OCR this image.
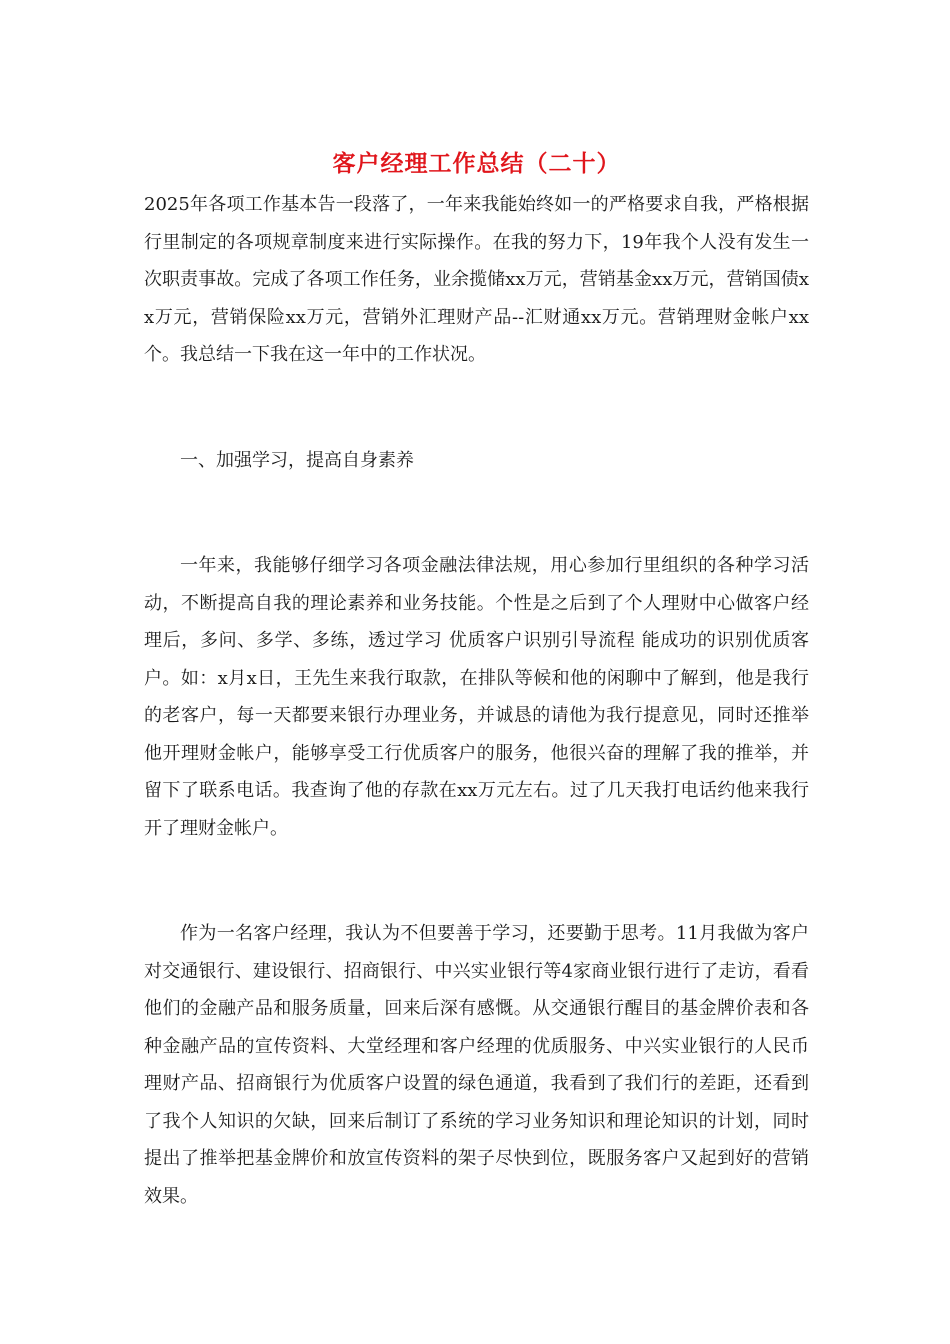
客户经理工作总结（二十）

2025年各项工作基本告一段落了，一年来我能始终如一的严格要求自我，严格根据行里制定的各项规章制度来进行实际操作。在我的努力下，19年我个人没有发生一次职责事故。完成了各项工作任务，业余揽储xx万元，营销基金xx万元，营销国债xx万元，营销保险xx万元，营销外汇理财产品--汇财通xx万元。营销理财金帐户xx个。我总结一下我在这一年中的工作状况。

一、加强学习，提高自身素养

一年来，我能够仔细学习各项金融法律法规，用心参加行里组织的各种学习活动，不断提高自我的理论素养和业务技能。个性是之后到了个人理财中心做客户经理后，多问、多学、多练，透过学习 优质客户识别引导流程 能成功的识别优质客户。如：x月x日，王先生来我行取款，在排队等候和他的闲聊中了解到，他是我行的老客户，每一天都要来银行办理业务，并诚恳的请他为我行提意见，同时还推举他开理财金帐户，能够享受工行优质客户的服务，他很兴奋的理解了我的推举，并留下了联系电话。我查询了他的存款在xx万元左右。过了几天我打电话约他来我行开了理财金帐户。

作为一名客户经理，我认为不但要善于学习，还要勤于思考。11月我做为客户对交通银行、建设银行、招商银行、中兴实业银行等4家商业银行进行了走访，看看他们的金融产品和服务质量，回来后深有感慨。从交通银行醒目的基金牌价表和各种金融产品的宣传资料、大堂经理和客户经理的优质服务、中兴实业银行的人民币理财产品、招商银行为优质客户设置的绿色通道，我看到了我们行的差距，还看到了我个人知识的欠缺，回来后制订了系统的学习业务知识和理论知识的计划，同时提出了推举把基金牌价和放宣传资料的架子尽快到位，既服务客户又起到好的营销效果。
